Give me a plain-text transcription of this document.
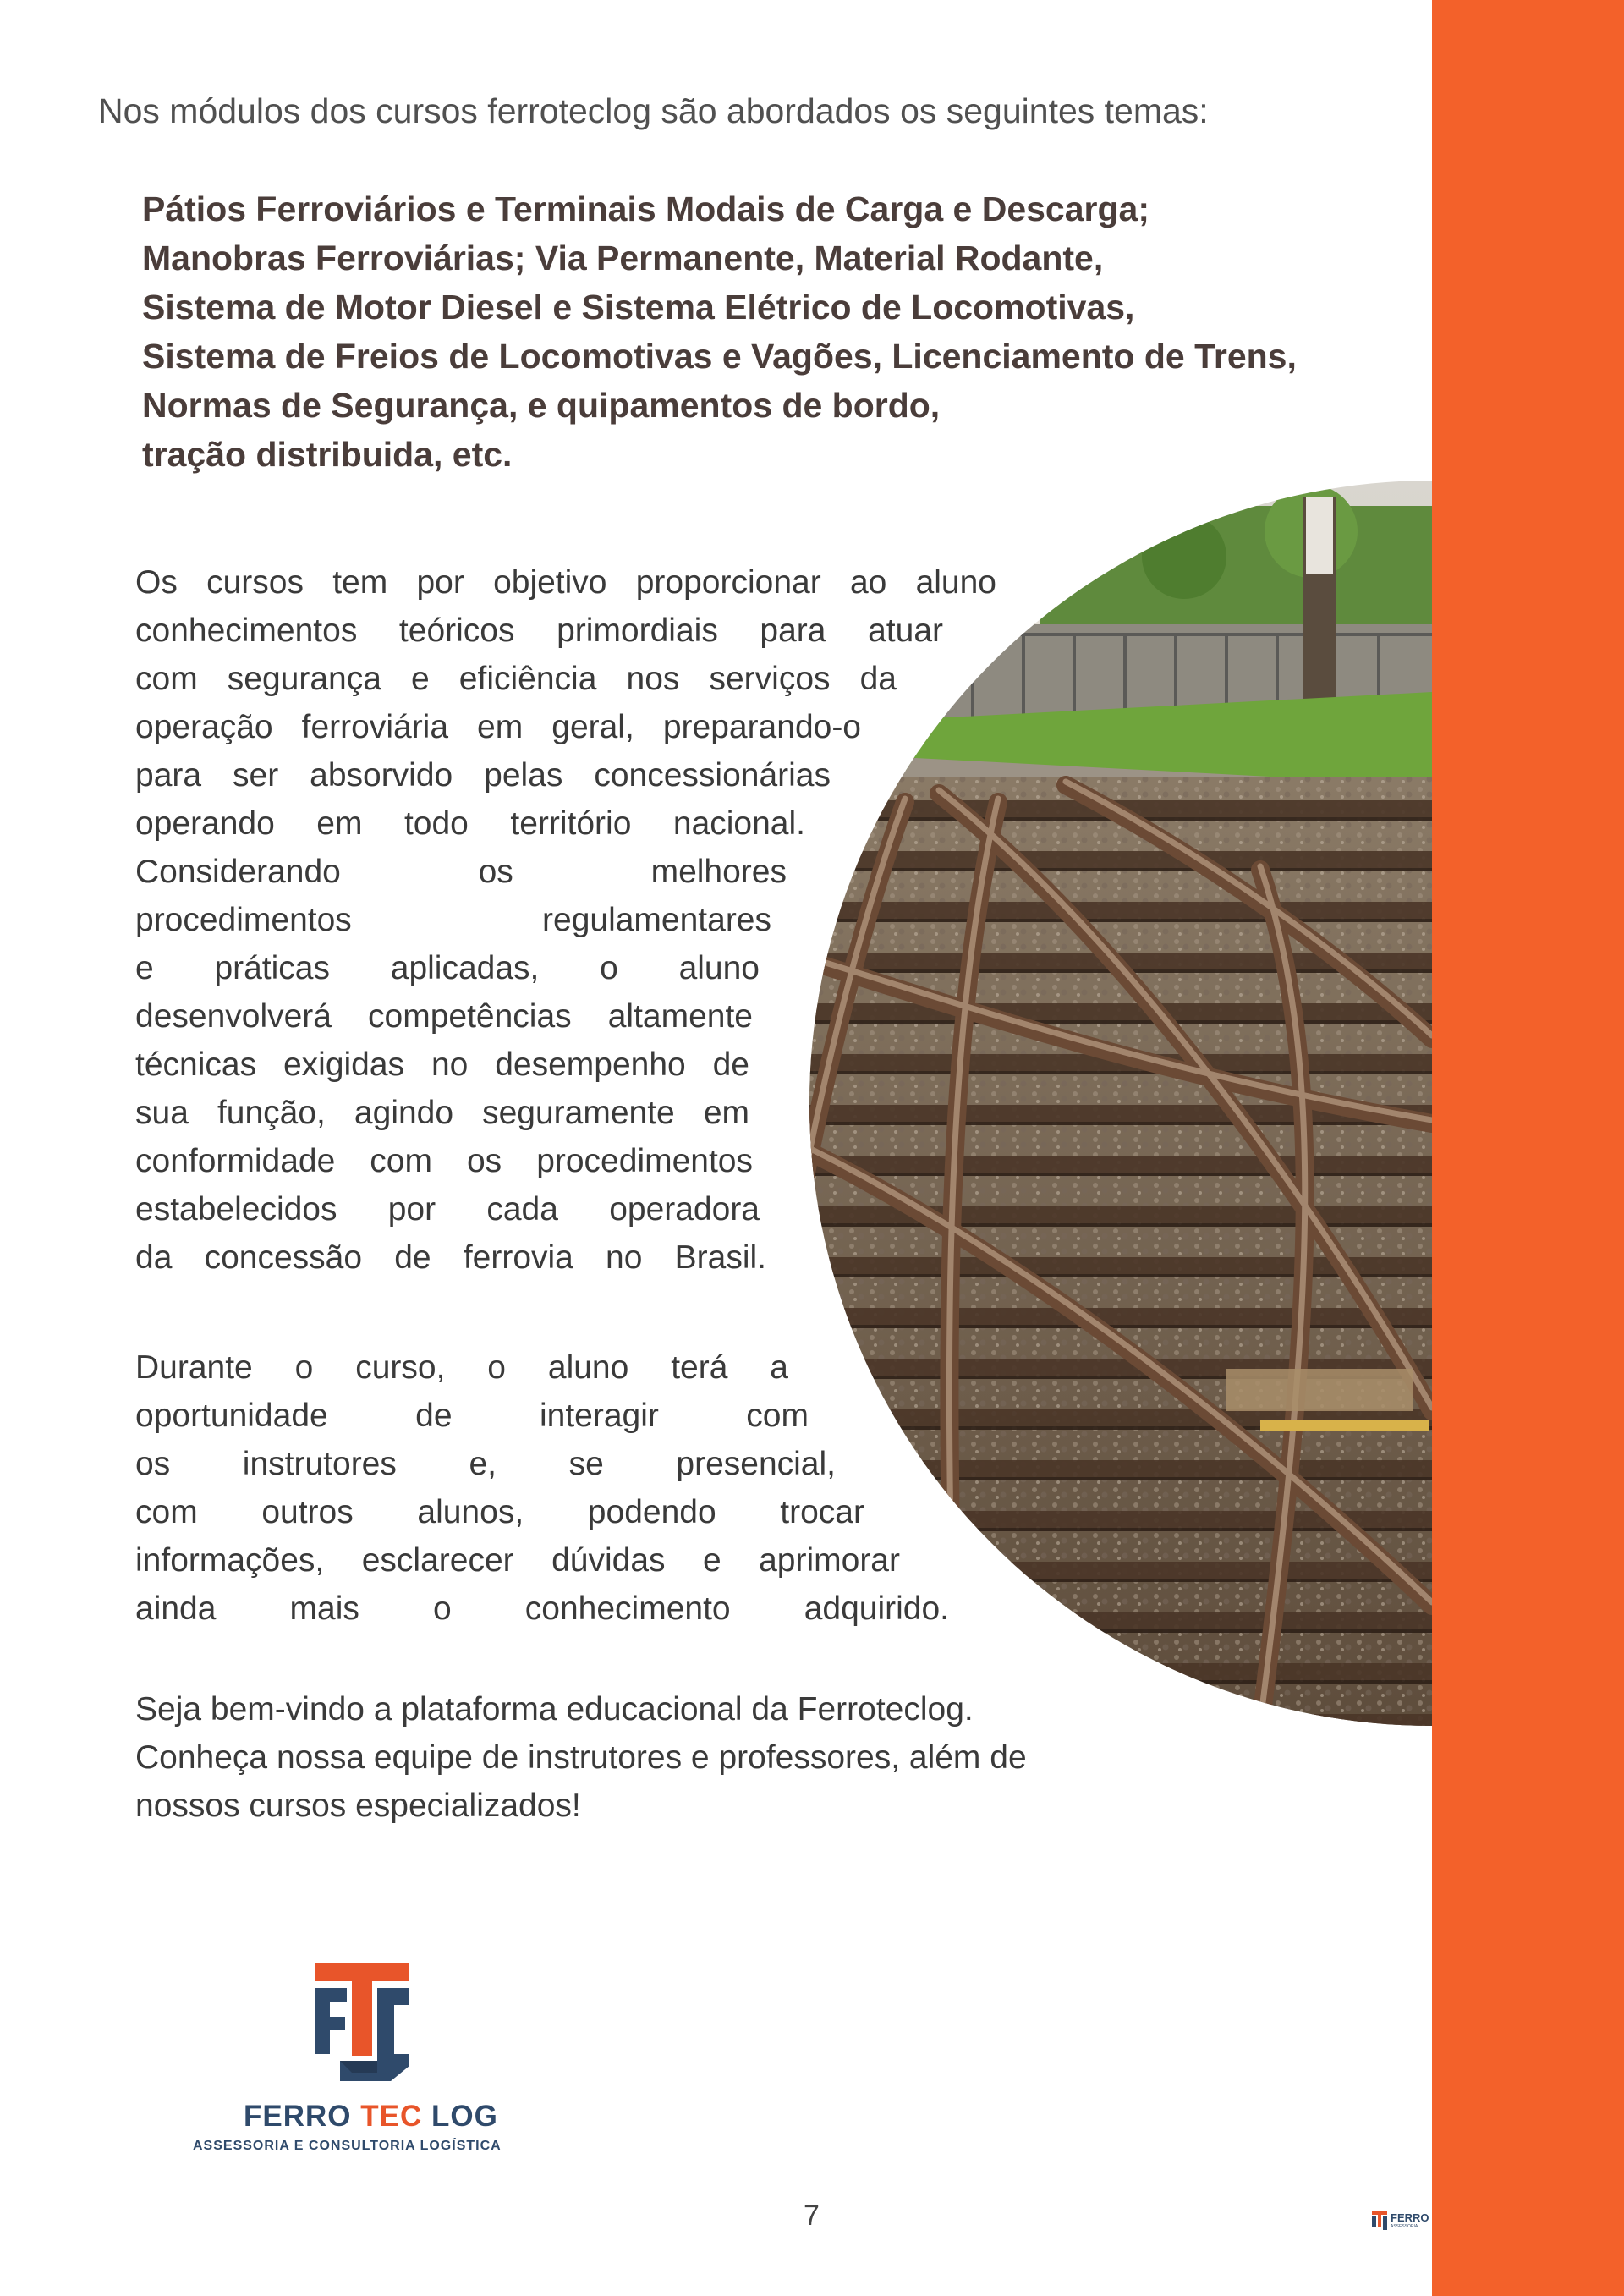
Nos módulos dos cursos ferroteclog são abordados os seguintes temas:
Pátios Ferroviários e Terminais Modais de Carga e Descarga;
Manobras Ferroviárias; Via Permanente, Material Rodante,
Sistema de Motor Diesel e Sistema Elétrico de Locomotivas,
Sistema de Freios de Locomotivas e Vagões, Licenciamento de Trens,
Normas de Segurança, e quipamentos de bordo,
tração distribuida, etc.
Os cursos tem por objetivo proporcionar ao aluno
conhecimentos teóricos primordiais para atuar
com segurança e eficiência nos serviços da
operação ferroviária em geral, preparando-o
para ser absorvido pelas concessionárias
operando em todo território nacional.
Considerando os melhores
procedimentos regulamentares
e práticas aplicadas, o aluno
desenvolverá competências altamente
técnicas exigidas no desempenho de
sua função, agindo seguramente em
conformidade com os procedimentos
estabelecidos por cada operadora
da concessão de ferrovia no Brasil.
Durante o curso, o aluno terá a
oportunidade de interagir com
os instrutores e, se presencial,
com outros alunos, podendo trocar
informações, esclarecer dúvidas e aprimorar
ainda mais o conhecimento adquirido.
Seja bem-vindo a plataforma educacional da Ferroteclog.
Conheça nossa equipe de instrutores e professores, além de
nossos cursos especializados!
FERRO TEC LOG
ASSESSORIA E CONSULTORIA LOGÍSTICA
7	FERRO
ASSESSORIA
